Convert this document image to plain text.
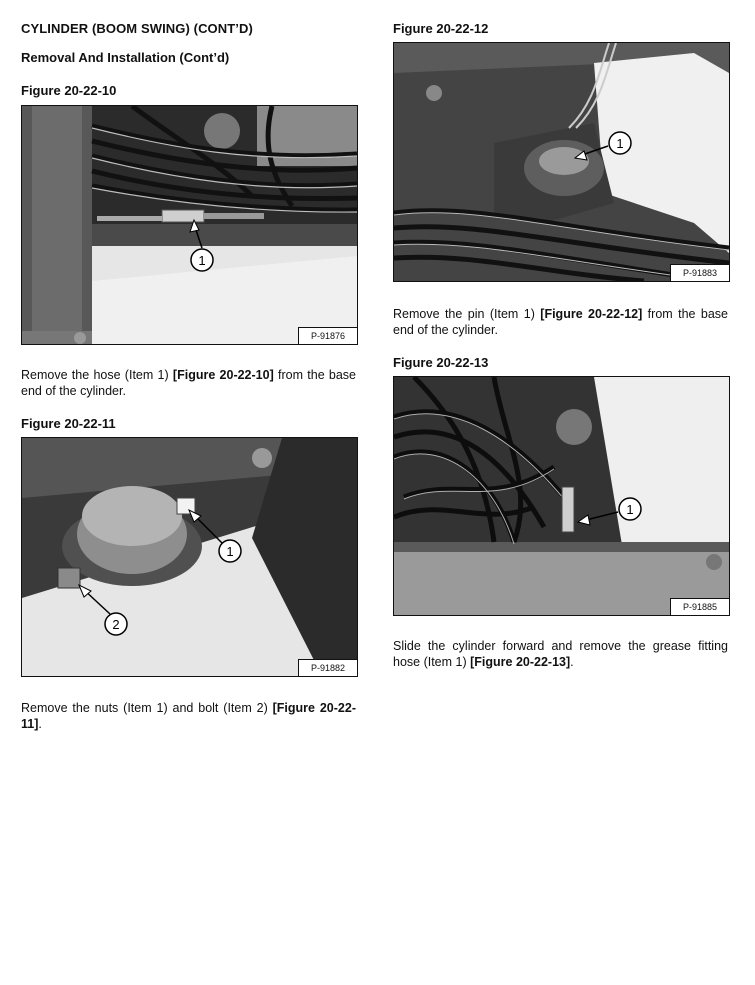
CYLINDER (BOOM SWING) (CONT’D)
Removal And Installation (Cont’d)
Figure 20-22-10
1
P-91876
Remove the hose (Item 1) [Figure 20-22-10] from the base end of the cylinder.
Figure 20-22-11
1
2
P-91882
Remove the nuts (Item 1) and bolt (Item 2) [Figure 20-22-11].
Figure 20-22-12
1
P-91883
Remove the pin (Item 1) [Figure 20-22-12] from the base end of the cylinder.
Figure 20-22-13
1
P-91885
Slide the cylinder forward and remove the grease fitting hose (Item 1) [Figure 20-22-13].
